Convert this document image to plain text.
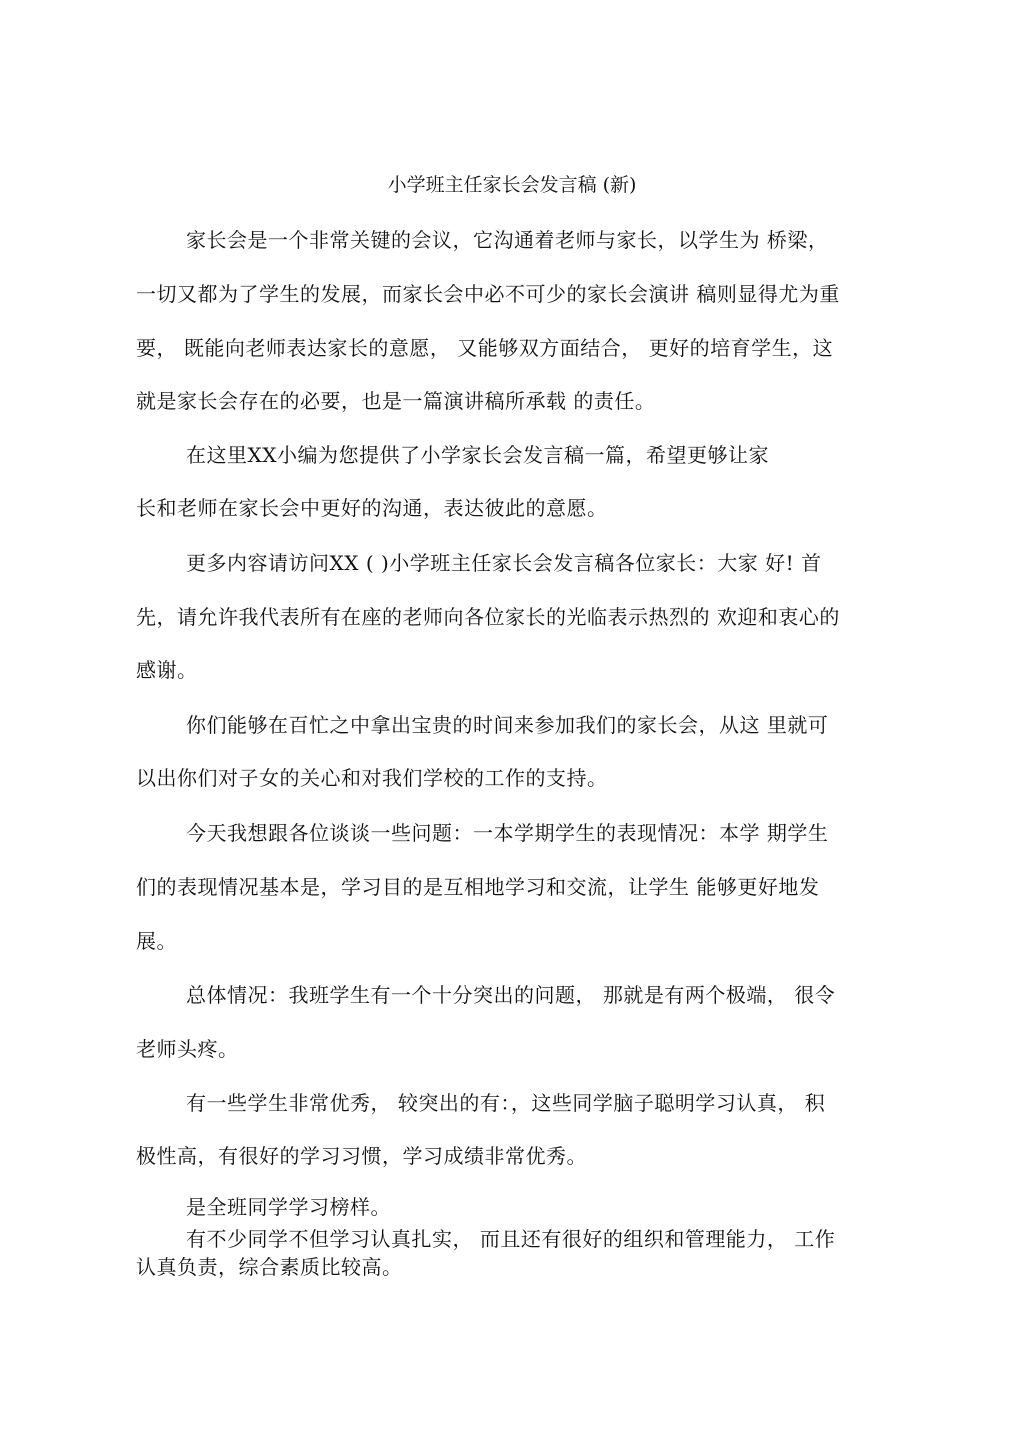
小学班主任家长会发言稿 (新)
家长会是一个非常关键的会议，它沟通着老师与家长，以学生为 桥梁，
一切又都为了学生的发展，而家长会中必不可少的家长会演讲 稿则显得尤为重
要， 既能向老师表达家长的意愿， 又能够双方面结合， 更好的培育学生，这
就是家长会存在的必要，也是一篇演讲稿所承载 的责任。
在这里XX小编为您提供了小学家长会发言稿一篇，希望更够让家
长和老师在家长会中更好的沟通，表达彼此的意愿。
更多内容请访问XX ( )小学班主任家长会发言稿各位家长：大家 好! 首
先，请允许我代表所有在座的老师向各位家长的光临表示热烈的 欢迎和衷心的
感谢。
你们能够在百忙之中拿出宝贵的时间来参加我们的家长会，从这 里就可
以出你们对子女的关心和对我们学校的工作的支持。
今天我想跟各位谈谈一些问题：一本学期学生的表现情况：本学 期学生
们的表现情况基本是，学习目的是互相地学习和交流，让学生 能够更好地发
展。
总体情况：我班学生有一个十分突出的问题， 那就是有两个极端， 很令
老师头疼。
有一些学生非常优秀， 较突出的有：，这些同学脑子聪明学习认真， 积
极性高，有很好的学习习惯，学习成绩非常优秀。
是全班同学学习榜样。
有不少同学不但学习认真扎实， 而且还有很好的组织和管理能力， 工作
认真负责，综合素质比较高。
